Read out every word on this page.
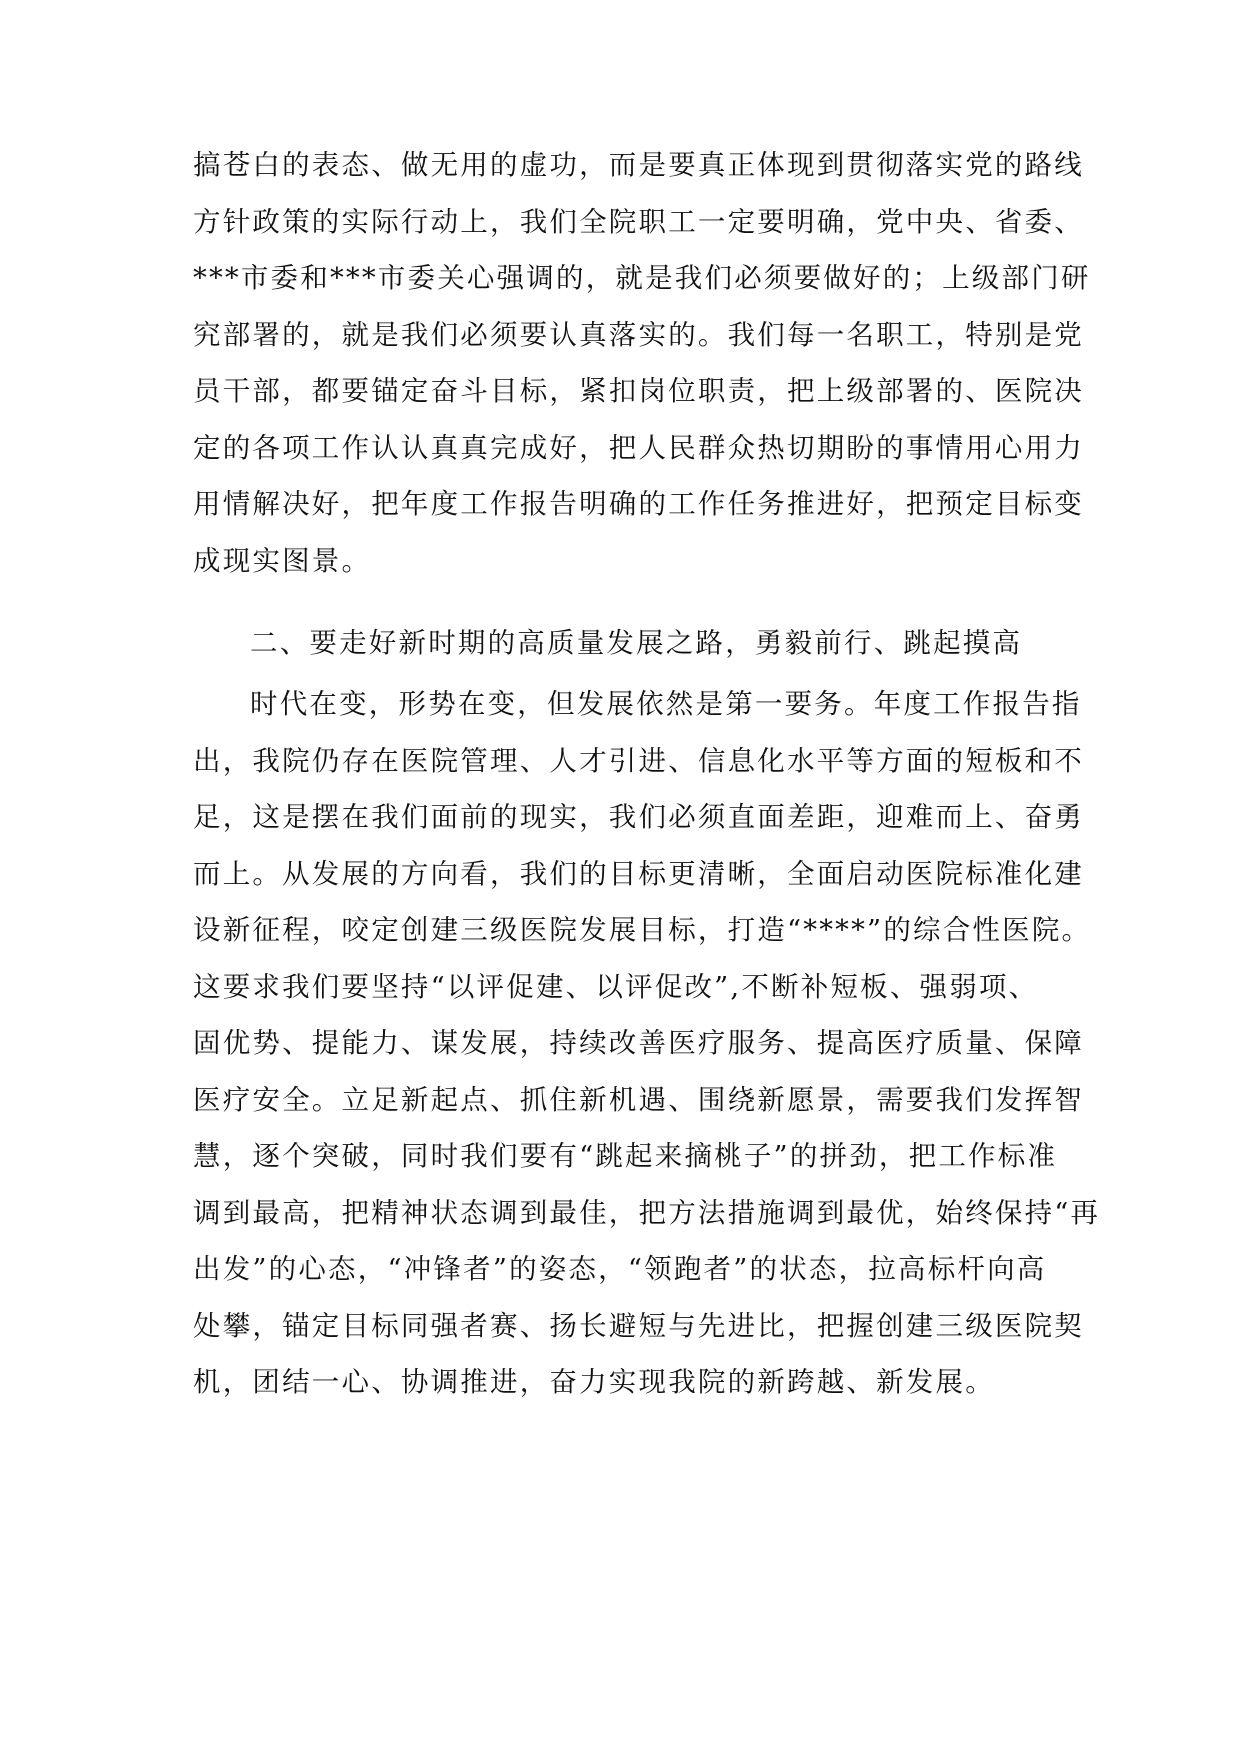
搞苍白的表态、做无用的虚功，而是要真正体现到贯彻落实党的路线
方针政策的实际行动上，我们全院职工一定要明确，党中央、省委、
***市委和***市委关心强调的，就是我们必须要做好的；上级部门研
究部署的，就是我们必须要认真落实的。我们每一名职工，特别是党
员干部，都要锚定奋斗目标，紧扣岗位职责，把上级部署的、医院决
定的各项工作认认真真完成好，把人民群众热切期盼的事情用心用力
用情解决好，把年度工作报告明确的工作任务推进好，把预定目标变
成现实图景。
二、要走好新时期的高质量发展之路，勇毅前行、跳起摸高
时代在变，形势在变，但发展依然是第一要务。年度工作报告指
出，我院仍存在医院管理、人才引进、信息化水平等方面的短板和不
足，这是摆在我们面前的现实，我们必须直面差距，迎难而上、奋勇
而上。从发展的方向看，我们的目标更清晰，全面启动医院标准化建
设新征程，咬定创建三级医院发展目标，打造“****”的综合性医院。
这要求我们要坚持“以评促建、以评促改”,不断补短板、强弱项、
固优势、提能力、谋发展，持续改善医疗服务、提高医疗质量、保障
医疗安全。立足新起点、抓住新机遇、围绕新愿景，需要我们发挥智
慧，逐个突破，同时我们要有“跳起来摘桃子”的拼劲，把工作标准
调到最高，把精神状态调到最佳，把方法措施调到最优，始终保持“再
出发”的心态，“冲锋者”的姿态，“领跑者”的状态，拉高标杆向高
处攀，锚定目标同强者赛、扬长避短与先进比，把握创建三级医院契
机，团结一心、协调推进，奋力实现我院的新跨越、新发展。
